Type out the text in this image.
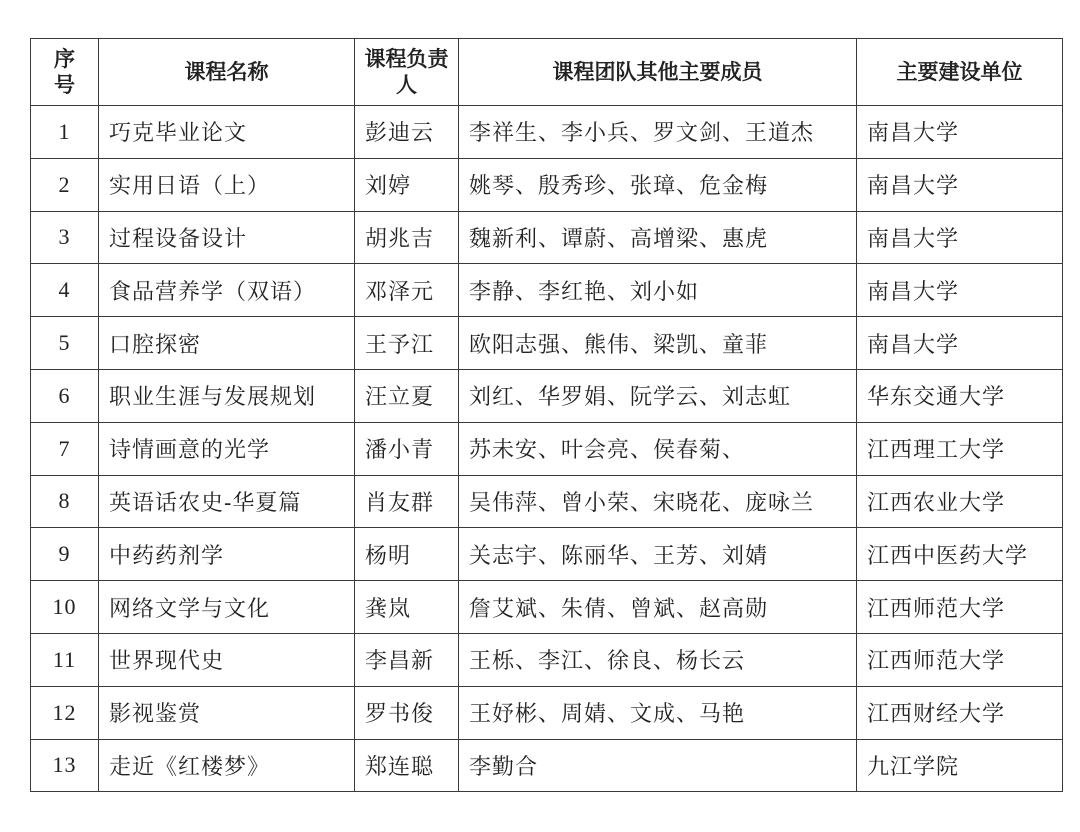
序号	课程名称	课程负责人	课程团队其他主要成员	主要建设单位
1	巧克毕业论文	彭迪云	李祥生、李小兵、罗文剑、王道杰	南昌大学
2	实用日语（上）	刘婷	姚琴、殷秀珍、张璋、危金梅	南昌大学
3	过程设备设计	胡兆吉	魏新利、谭蔚、高增梁、惠虎	南昌大学
4	食品营养学（双语）	邓泽元	李静、李红艳、刘小如	南昌大学
5	口腔探密	王予江	欧阳志强、熊伟、梁凯、童菲	南昌大学
6	职业生涯与发展规划	汪立夏	刘红、华罗娟、阮学云、刘志虹	华东交通大学
7	诗情画意的光学	潘小青	苏未安、叶会亮、侯春菊、	江西理工大学
8	英语话农史-华夏篇	肖友群	吴伟萍、曾小荣、宋晓花、庞咏兰	江西农业大学
9	中药药剂学	杨明	关志宇、陈丽华、王芳、刘婧	江西中医药大学
10	网络文学与文化	龚岚	詹艾斌、朱倩、曾斌、赵高勋	江西师范大学
11	世界现代史	李昌新	王栎、李江、徐良、杨长云	江西师范大学
12	影视鉴赏	罗书俊	王妤彬、周婧、文成、马艳	江西财经大学
13	走近《红楼梦》	郑连聪	李勤合	九江学院
